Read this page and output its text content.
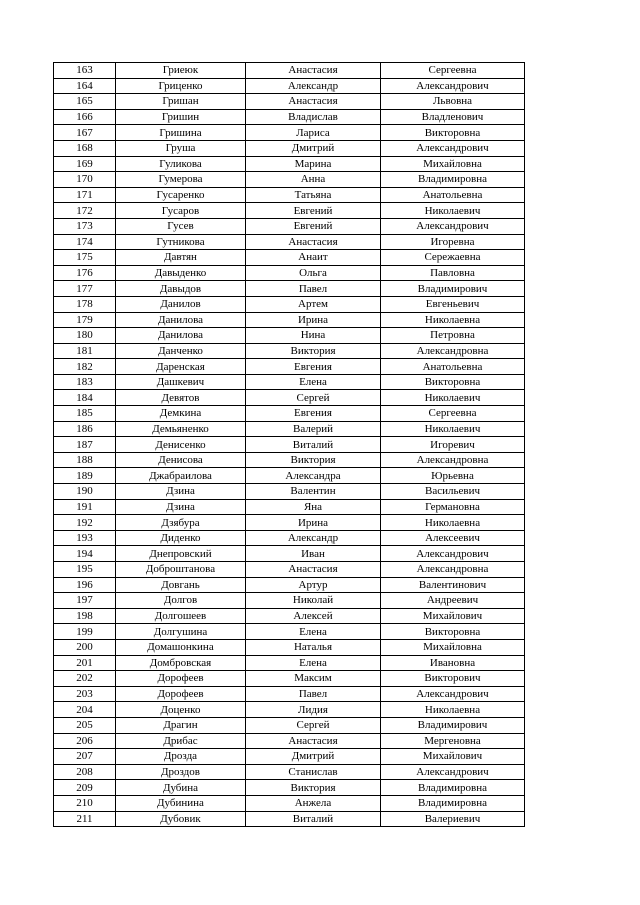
163	Гриеюк	Анастасия	Сергеевна
164	Гриценко	Александр	Александрович
165	Гришан	Анастасия	Львовна
166	Гришин	Владислав	Владленович
167	Гришина	Лариса	Викторовна
168	Груша	Дмитрий	Александрович
169	Гуликова	Марина	Михайловна
170	Гумерова	Анна	Владимировна
171	Гусаренко	Татьяна	Анатольевна
172	Гусаров	Евгений	Николаевич
173	Гусев	Евгений	Александрович
174	Гутникова	Анастасия	Игоревна
175	Давтян	Анаит	Сережаевна
176	Давыденко	Ольга	Павловна
177	Давыдов	Павел	Владимирович
178	Данилов	Артем	Евгеньевич
179	Данилова	Ирина	Николаевна
180	Данилова	Нина	Петровна
181	Данченко	Виктория	Александровна
182	Даренская	Евгения	Анатольевна
183	Дашкевич	Елена	Викторовна
184	Девятов	Сергей	Николаевич
185	Демкина	Евгения	Сергеевна
186	Демьяненко	Валерий	Николаевич
187	Денисенко	Виталий	Игоревич
188	Денисова	Виктория	Александровна
189	Джабраилова	Александра	Юрьевна
190	Дзина	Валентин	Васильевич
191	Дзина	Яна	Германовна
192	Дзябура	Ирина	Николаевна
193	Диденко	Александр	Алексеевич
194	Днепровский	Иван	Александрович
195	Доброштанова	Анастасия	Александровна
196	Довгань	Артур	Валентинович
197	Долгов	Николай	Андреевич
198	Долгошеев	Алексей	Михайлович
199	Долгушина	Елена	Викторовна
200	Домашонкина	Наталья	Михайловна
201	Домбровская	Елена	Ивановна
202	Дорофеев	Максим	Викторович
203	Дорофеев	Павел	Александрович
204	Доценко	Лидия	Николаевна
205	Драгин	Сергей	Владимирович
206	Дрибас	Анастасия	Мергеновна
207	Дрозда	Дмитрий	Михайлович
208	Дроздов	Станислав	Александрович
209	Дубина	Виктория	Владимировна
210	Дубинина	Анжела	Владимировна
211	Дубовик	Виталий	Валериевич
